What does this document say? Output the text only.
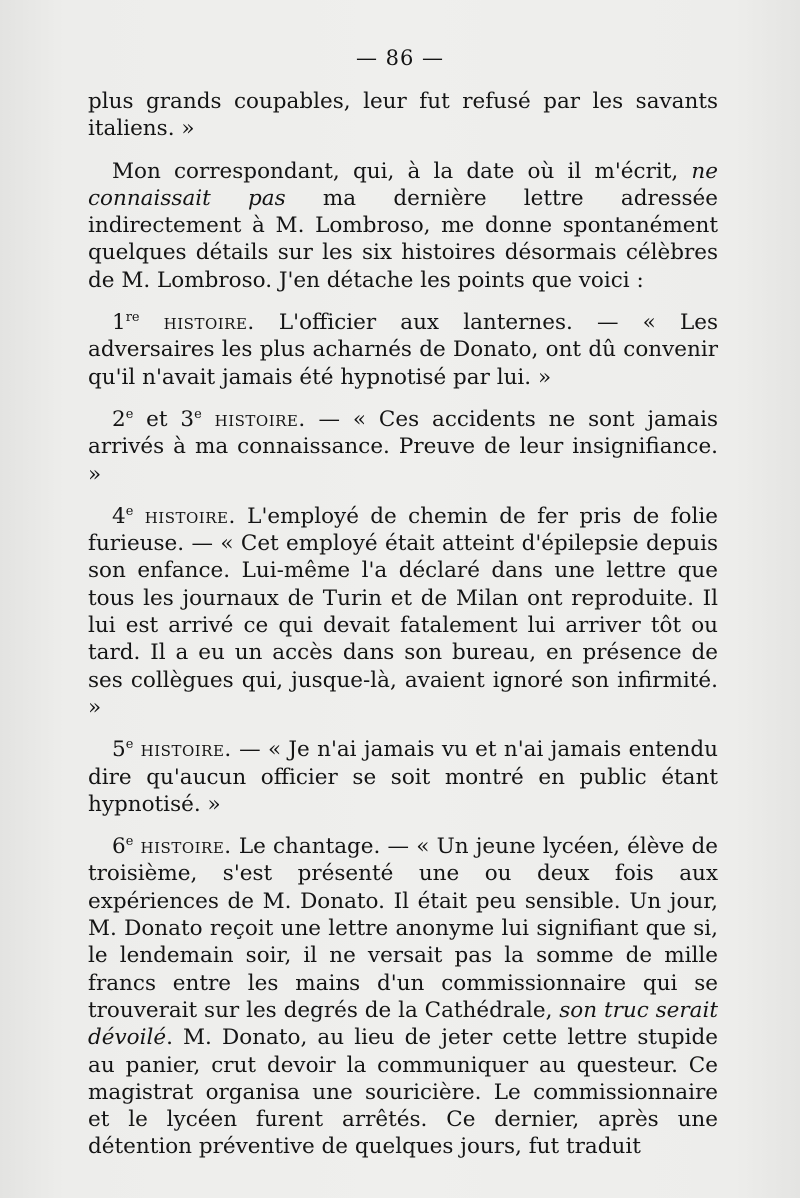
— 86 —

plus grands coupables, leur fut refusé par les savants italiens. »

Mon correspondant, qui, à la date où il m'écrit, ne connaissait pas ma dernière lettre adressée indirectement à M. Lombroso, me donne spontanément quelques détails sur les six histoires désormais célèbres de M. Lombroso. J'en détache les points que voici :

1re histoire. L'officier aux lanternes. — « Les adversaires les plus acharnés de Donato, ont dû convenir qu'il n'avait jamais été hypnotisé par lui. »

2e et 3e histoire. — « Ces accidents ne sont jamais arrivés à ma connaissance. Preuve de leur insignifiance. »

4e histoire. L'employé de chemin de fer pris de folie furieuse. — « Cet employé était atteint d'épilepsie depuis son enfance. Lui-même l'a déclaré dans une lettre que tous les journaux de Turin et de Milan ont reproduite. Il lui est arrivé ce qui devait fatalement lui arriver tôt ou tard. Il a eu un accès dans son bureau, en présence de ses collègues qui, jusque-là, avaient ignoré son infirmité. »

5e histoire. — « Je n'ai jamais vu et n'ai jamais entendu dire qu'aucun officier se soit montré en public étant hypnotisé. »

6e histoire. Le chantage. — « Un jeune lycéen, élève de troisième, s'est présenté une ou deux fois aux expériences de M. Donato. Il était peu sensible. Un jour, M. Donato reçoit une lettre anonyme lui signifiant que si, le lendemain soir, il ne versait pas la somme de mille francs entre les mains d'un commissionnaire qui se trouverait sur les degrés de la Cathédrale, son truc serait dévoilé. M. Donato, au lieu de jeter cette lettre stupide au panier, crut devoir la communiquer au questeur. Ce magistrat organisa une souricière. Le commissionnaire et le lycéen furent arrêtés. Ce dernier, après une détention préventive de quelques jours, fut traduit
